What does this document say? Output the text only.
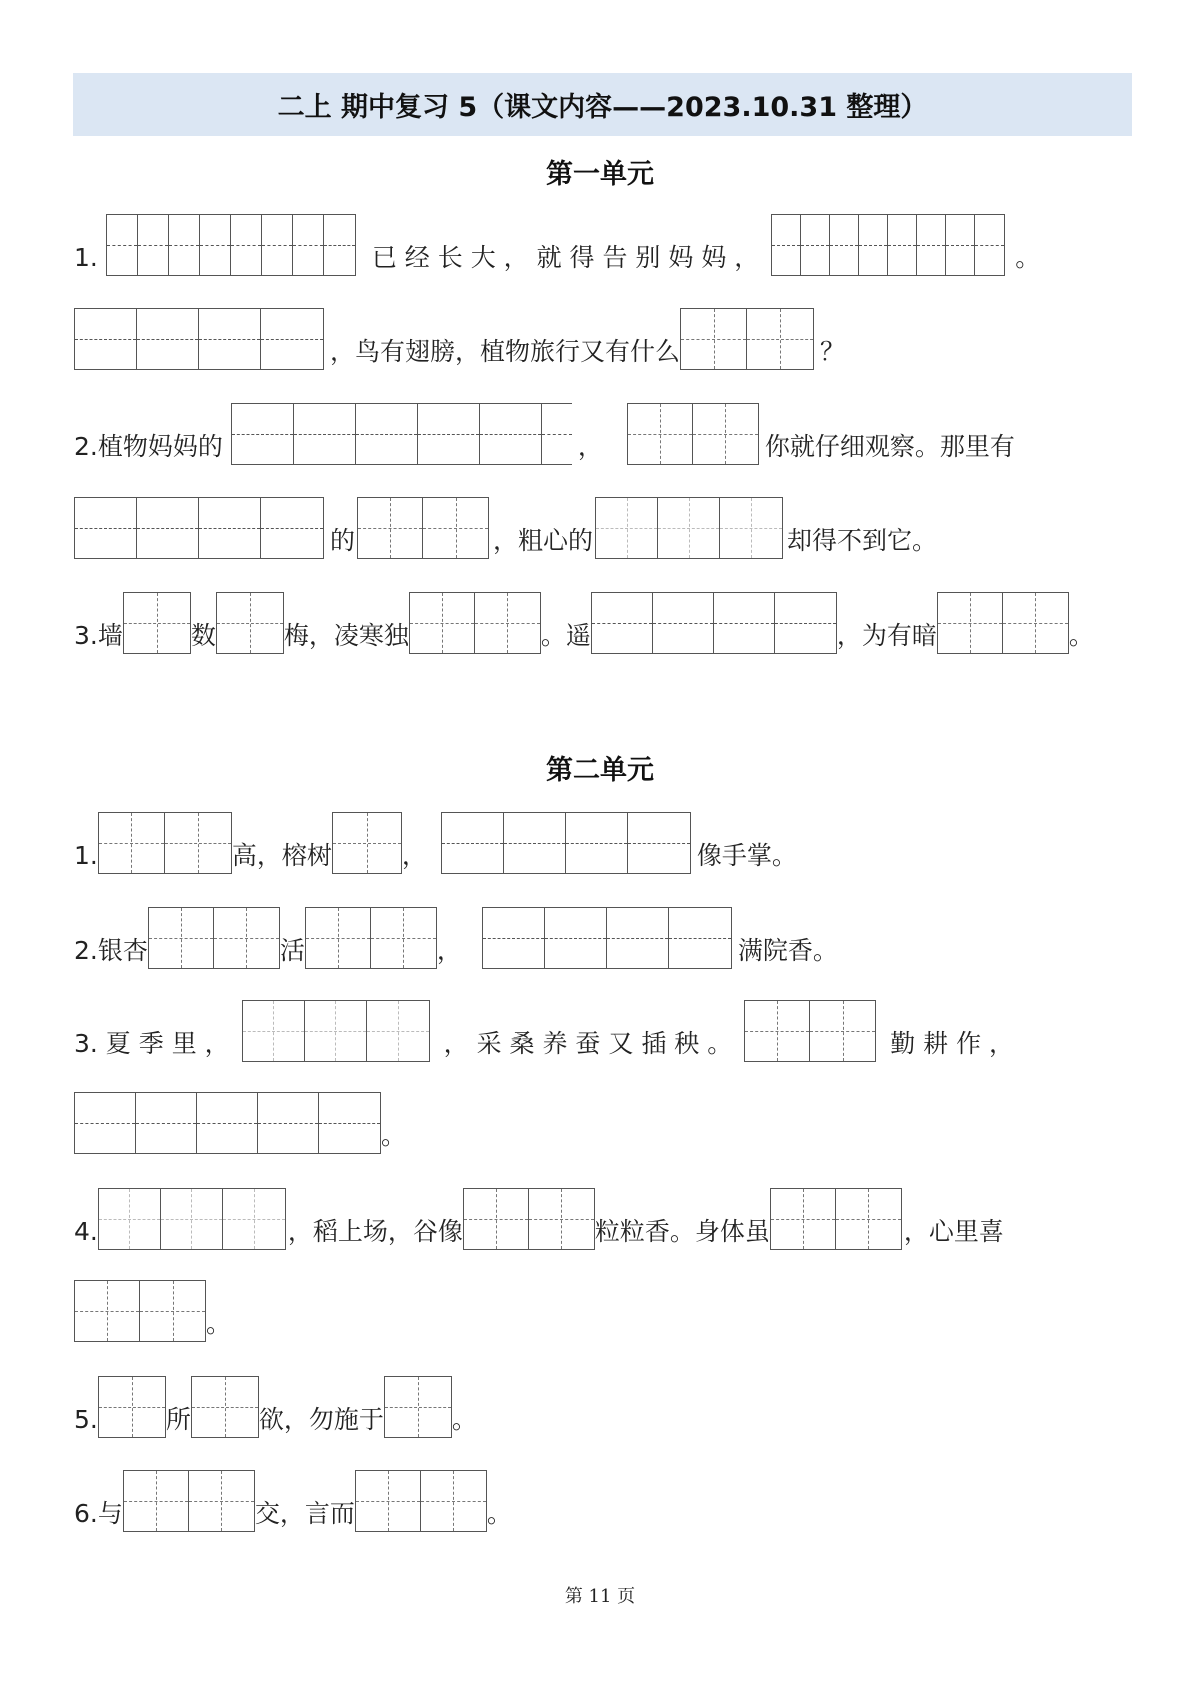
二上 期中复习 5（课文内容——2023.10.31 整理）
第一单元
1.	已 经 长 大 ， 就 得 告 别 妈 妈 ，	。
，鸟有翅膀，植物旅行又有什么	？
2.植物妈妈的	，	你就仔细观察。那里有
的	，粗心的	却得不到它。
3.墙	数	梅，凌寒独	。遥	，为有暗	。
第二单元
1.	高，榕树	，	像手掌。
2.银杏	活	，	满院香。
3. 夏 季 里 ，	， 采 桑 养 蚕 又 插 秧 。	勤 耕 作 ，
。
4.	，稻上场，谷像	粒粒香。身体虽	，心里喜
。
5.	所	欲，勿施于	。
6.与	交，言而	。
第 11 页
